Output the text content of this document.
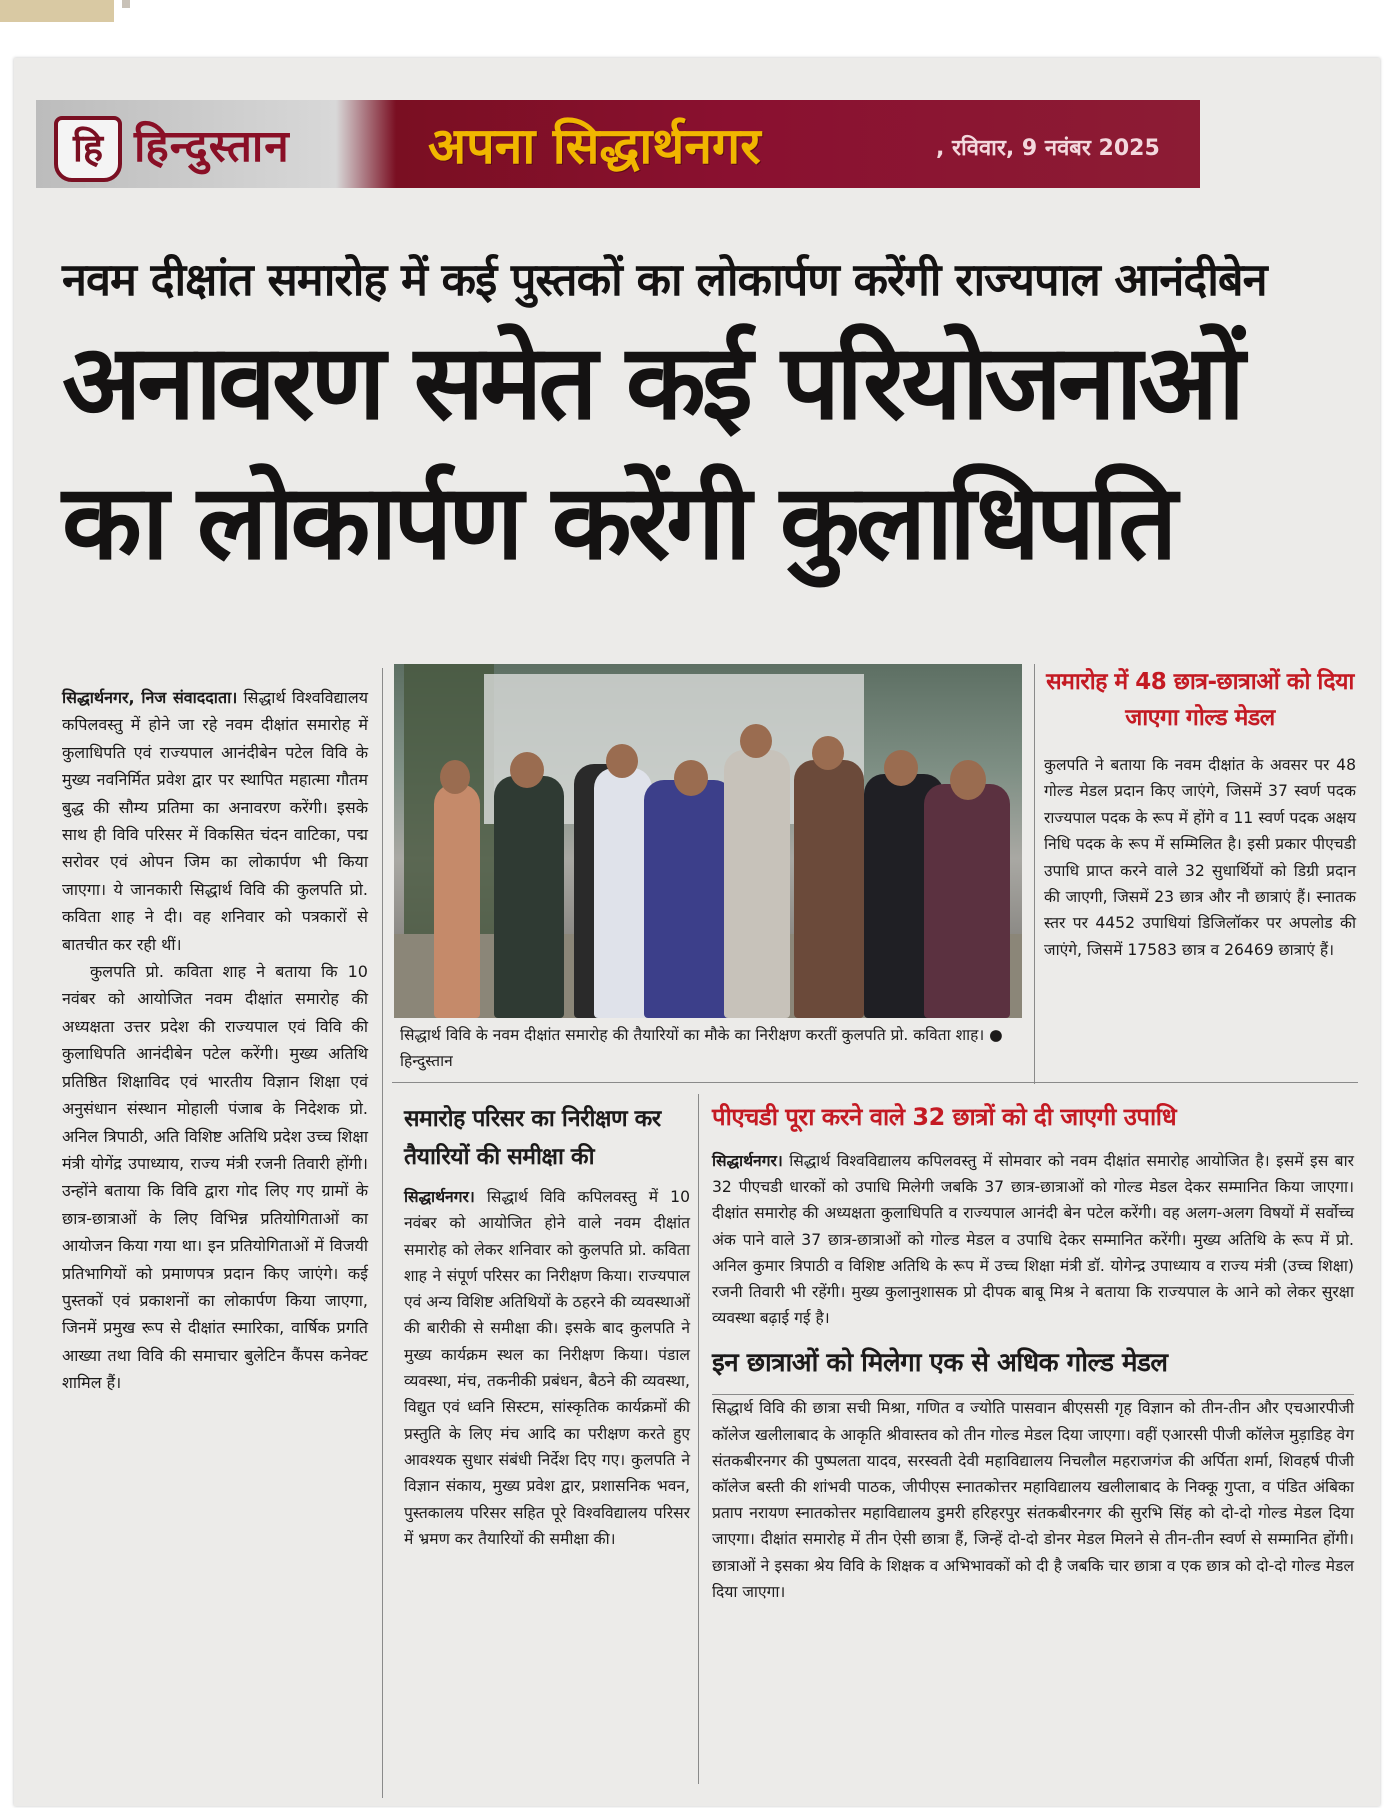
हि हिन्दुस्तान	अपना सिद्धार्थनगर	, रविवार, 9 नवंबर 2025
नवम दीक्षांत समारोह में कई पुस्तकों का लोकार्पण करेंगी राज्यपाल आनंदीबेन
अनावरण समेत कई परियोजनाओं
का लोकार्पण करेंगी कुलाधिपति

सिद्धार्थनगर, निज संवाददाता। सिद्धार्थ विश्वविद्यालय कपिलवस्तु में होने जा रहे नवम दीक्षांत समारोह में कुलाधिपति एवं राज्यपाल आनंदीबेन पटेल विवि के मुख्य नवनिर्मित प्रवेश द्वार पर स्थापित महात्मा गौतम बुद्ध की सौम्य प्रतिमा का अनावरण करेंगी। इसके साथ ही विवि परिसर में विकसित चंदन वाटिका, पद्म सरोवर एवं ओपन जिम का लोकार्पण भी किया जाएगा। ये जानकारी सिद्धार्थ विवि की कुलपति प्रो. कविता शाह ने दी। वह शनिवार को पत्रकारों से बातचीत कर रही थीं।

कुलपति प्रो. कविता शाह ने बताया कि 10 नवंबर को आयोजित नवम दीक्षांत समारोह की अध्यक्षता उत्तर प्रदेश की राज्यपाल एवं विवि की कुलाधिपति आनंदीबेन पटेल करेंगी। मुख्य अतिथि प्रतिष्ठित शिक्षाविद एवं भारतीय विज्ञान शिक्षा एवं अनुसंधान संस्थान मोहाली पंजाब के निदेशक प्रो. अनिल त्रिपाठी, अति विशिष्ट अतिथि प्रदेश उच्च शिक्षा मंत्री योगेंद्र उपाध्याय, राज्य मंत्री रजनी तिवारी होंगी। उन्होंने बताया कि विवि द्वारा गोद लिए गए ग्रामों के छात्र-छात्राओं के लिए विभिन्न प्रतियोगिताओं का आयोजन किया गया था। इन प्रतियोगिताओं में विजयी प्रतिभागियों को प्रमाणपत्र प्रदान किए जाएंगे। कई पुस्तकों एवं प्रकाशनों का लोकार्पण किया जाएगा, जिनमें प्रमुख रूप से दीक्षांत स्मारिका, वार्षिक प्रगति आख्या तथा विवि की समाचार बुलेटिन कैंपस कनेक्ट शामिल हैं।

सिद्धार्थ विवि के नवम दीक्षांत समारोह की तैयारियों का मौके का निरीक्षण करतीं कुलपति प्रो. कविता शाह। ● हिन्दुस्तान
समारोह में 48 छात्र-छात्राओं को दिया जाएगा गोल्ड मेडल
कुलपति ने बताया कि नवम दीक्षांत के अवसर पर 48 गोल्ड मेडल प्रदान किए जाएंगे, जिसमें 37 स्वर्ण पदक राज्यपाल पदक के रूप में होंगे व 11 स्वर्ण पदक अक्षय निधि पदक के रूप में सम्मिलित है। इसी प्रकार पीएचडी उपाधि प्राप्त करने वाले 32 सुधार्थियों को डिग्री प्रदान की जाएगी, जिसमें 23 छात्र और नौ छात्राएं हैं। स्नातक स्तर पर 4452 उपाधियां डिजिलॉकर पर अपलोड की जाएंगे, जिसमें 17583 छात्र व 26469 छात्राएं हैं।
समारोह परिसर का निरीक्षण कर तैयारियों की समीक्षा की
सिद्धार्थनगर। सिद्धार्थ विवि कपिलवस्तु में 10 नवंबर को आयोजित होने वाले नवम दीक्षांत समारोह को लेकर शनिवार को कुलपति प्रो. कविता शाह ने संपूर्ण परिसर का निरीक्षण किया। राज्यपाल एवं अन्य विशिष्ट अतिथियों के ठहरने की व्यवस्थाओं की बारीकी से समीक्षा की। इसके बाद कुलपति ने मुख्य कार्यक्रम स्थल का निरीक्षण किया। पंडाल व्यवस्था, मंच, तकनीकी प्रबंधन, बैठने की व्यवस्था, विद्युत एवं ध्वनि सिस्टम, सांस्कृतिक कार्यक्रमों की प्रस्तुति के लिए मंच आदि का परीक्षण करते हुए आवश्यक सुधार संबंधी निर्देश दिए गए। कुलपति ने विज्ञान संकाय, मुख्य प्रवेश द्वार, प्रशासनिक भवन, पुस्तकालय परिसर सहित पूरे विश्वविद्यालय परिसर में भ्रमण कर तैयारियों की समीक्षा की।
पीएचडी पूरा करने वाले 32 छात्रों को दी जाएगी उपाधि
सिद्धार्थनगर। सिद्धार्थ विश्वविद्यालय कपिलवस्तु में सोमवार को नवम दीक्षांत समारोह आयोजित है। इसमें इस बार 32 पीएचडी धारकों को उपाधि मिलेगी जबकि 37 छात्र-छात्राओं को गोल्ड मेडल देकर सम्मानित किया जाएगा। दीक्षांत समारोह की अध्यक्षता कुलाधिपति व राज्यपाल आनंदी बेन पटेल करेंगी। वह अलग-अलग विषयों में सर्वोच्च अंक पाने वाले 37 छात्र-छात्राओं को गोल्ड मेडल व उपाधि देकर सम्मानित करेंगी। मुख्य अतिथि के रूप में प्रो. अनिल कुमार त्रिपाठी व विशिष्ट अतिथि के रूप में उच्च शिक्षा मंत्री डॉ. योगेन्द्र उपाध्याय व राज्य मंत्री (उच्च शिक्षा) रजनी तिवारी भी रहेंगी। मुख्य कुलानुशासक प्रो दीपक बाबू मिश्र ने बताया कि राज्यपाल के आने को लेकर सुरक्षा व्यवस्था बढ़ाई गई है।
इन छात्राओं को मिलेगा एक से अधिक गोल्ड मेडल
सिद्धार्थ विवि की छात्रा सची मिश्रा, गणित व ज्योति पासवान बीएससी गृह विज्ञान को तीन-तीन और एचआरपीजी कॉलेज खलीलाबाद के आकृति श्रीवास्तव को तीन गोल्ड मेडल दिया जाएगा। वहीं एआरसी पीजी कॉलेज मुड़ाडिह वेग संतकबीरनगर की पुष्पलता यादव, सरस्वती देवी महाविद्यालय निचलौल महराजगंज की अर्पिता शर्मा, शिवहर्ष पीजी कॉलेज बस्ती की शांभवी पाठक, जीपीएस स्नातकोत्तर महाविद्यालय खलीलाबाद के निक्कू गुप्ता, व पंडित अंबिका प्रताप नरायण स्नातकोत्तर महाविद्यालय डुमरी हरिहरपुर संतकबीरनगर की सुरभि सिंह को दो-दो गोल्ड मेडल दिया जाएगा। दीक्षांत समारोह में तीन ऐसी छात्रा हैं, जिन्हें दो-दो डोनर मेडल मिलने से तीन-तीन स्वर्ण से सम्मानित होंगी। छात्राओं ने इसका श्रेय विवि के शिक्षक व अभिभावकों को दी है जबकि चार छात्रा व एक छात्र को दो-दो गोल्ड मेडल दिया जाएगा।
